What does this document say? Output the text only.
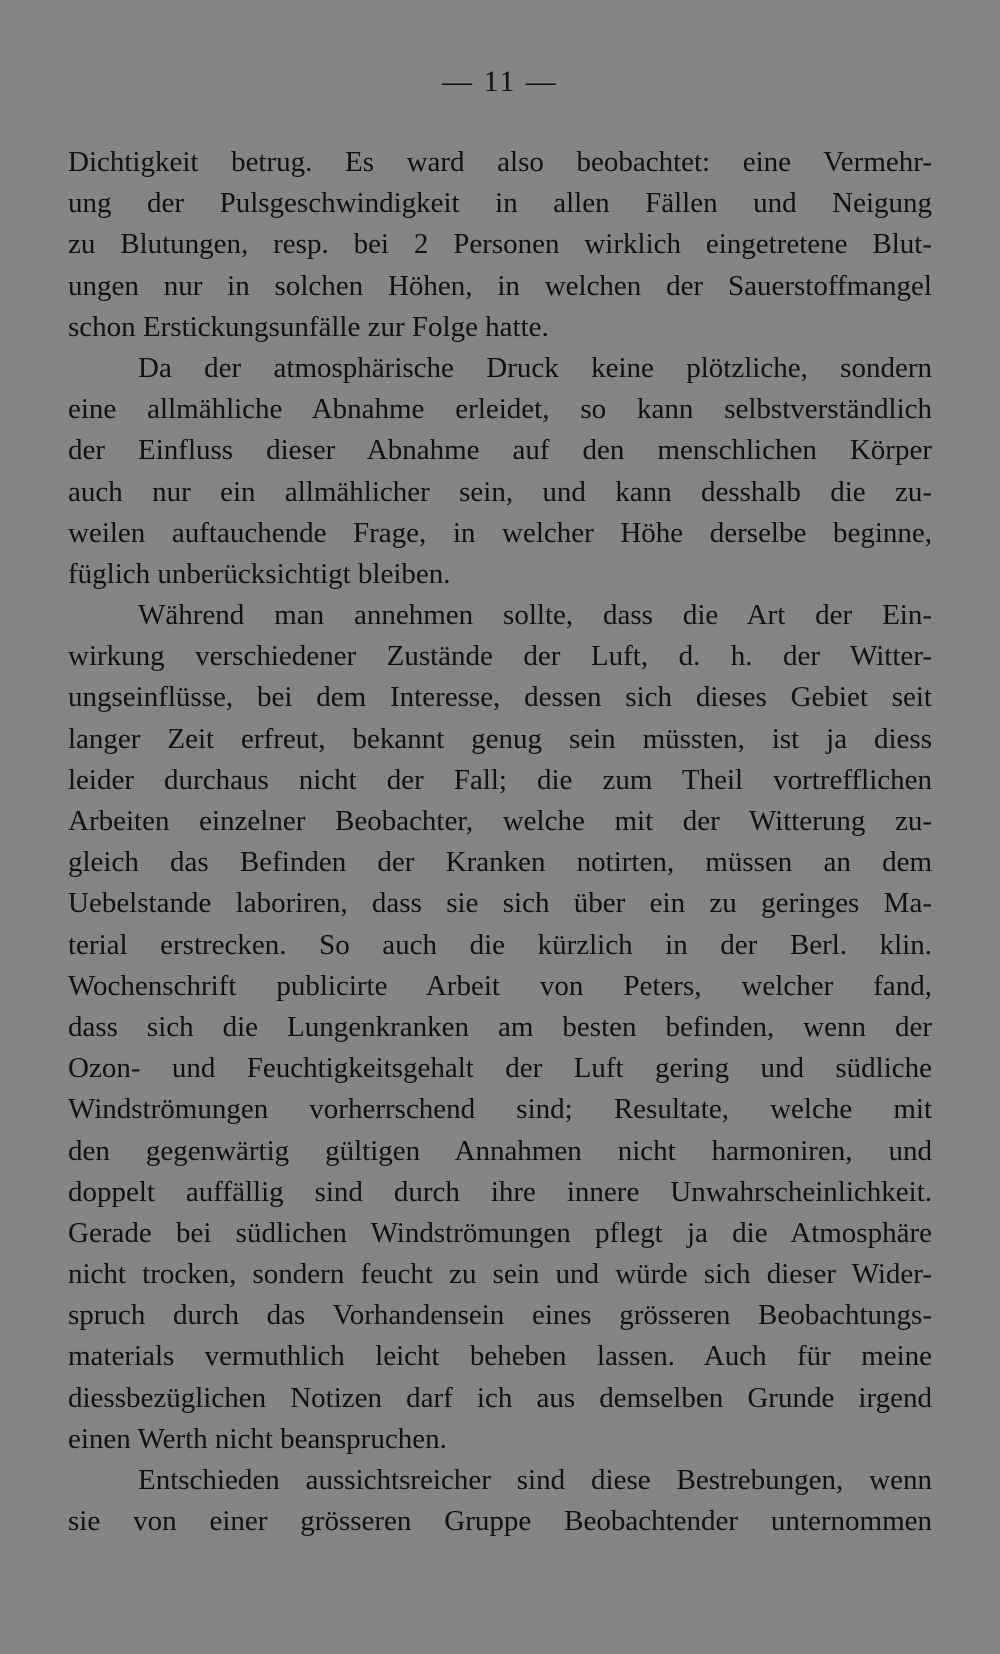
— 11 —
Dichtigkeit betrug. Es ward also beobachtet: eine Vermehr-
ung der Pulsgeschwindigkeit in allen Fällen und Neigung
zu Blutungen, resp. bei 2 Personen wirklich eingetretene Blut-
ungen nur in solchen Höhen, in welchen der Sauerstoffmangel
schon Erstickungsunfälle zur Folge hatte.
Da der atmosphärische Druck keine plötzliche, sondern
eine allmähliche Abnahme erleidet, so kann selbstverständlich
der Einfluss dieser Abnahme auf den menschlichen Körper
auch nur ein allmählicher sein, und kann desshalb die zu-
weilen auftauchende Frage, in welcher Höhe derselbe beginne,
füglich unberücksichtigt bleiben.
Während man annehmen sollte, dass die Art der Ein-
wirkung verschiedener Zustände der Luft, d. h. der Witter-
ungseinflüsse, bei dem Interesse, dessen sich dieses Gebiet seit
langer Zeit erfreut, bekannt genug sein müssten, ist ja diess
leider durchaus nicht der Fall; die zum Theil vortrefflichen
Arbeiten einzelner Beobachter, welche mit der Witterung zu-
gleich das Befinden der Kranken notirten, müssen an dem
Uebelstande laboriren, dass sie sich über ein zu geringes Ma-
terial erstrecken. So auch die kürzlich in der Berl. klin.
Wochenschrift publicirte Arbeit von Peters, welcher fand,
dass sich die Lungenkranken am besten befinden, wenn der
Ozon- und Feuchtigkeitsgehalt der Luft gering und südliche
Windströmungen vorherrschend sind; Resultate, welche mit
den gegenwärtig gültigen Annahmen nicht harmoniren, und
doppelt auffällig sind durch ihre innere Unwahrscheinlichkeit.
Gerade bei südlichen Windströmungen pflegt ja die Atmosphäre
nicht trocken, sondern feucht zu sein und würde sich dieser Wider-
spruch durch das Vorhandensein eines grösseren Beobachtungs-
materials vermuthlich leicht beheben lassen. Auch für meine
diessbezüglichen Notizen darf ich aus demselben Grunde irgend
einen Werth nicht beanspruchen.
Entschieden aussichtsreicher sind diese Bestrebungen, wenn
sie von einer grösseren Gruppe Beobachtender unternommen
